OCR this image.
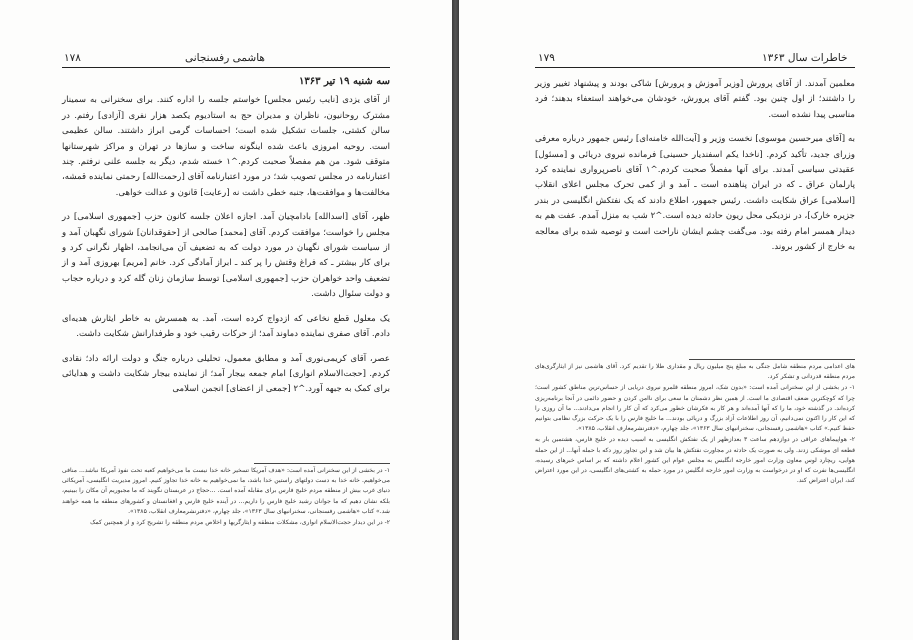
۱۷۸	هاشمی رفسنجانی
سه شنبه ۱۹ تیر ۱۳۶۳

از آقای یزدی [نایب رئیس مجلس] خواستم جلسه را اداره کنند. برای سخنرانی به سمینار مشترک روحانیون، ناظران و مدیران حج به استادیوم یکصد هزار نفری [آزادی] رفتم. در سالن کشتی، جلسات تشکیل شده است؛ احساسات گرمی ابراز داشتند. سالن عظیمی است. روحیه امروزی باعث شده اینگونه ساخت و سازها در تهران و مراکز شهرستانها متوقف شود. من هم مفصلاً صحبت کردم.^۱ خسته شدم، دیگر به جلسه علنی نرفتم. چند اعتبارنامه در مجلس تصویب شد؛ در مورد اعتبارنامه آقای [رحمت‌الله] رحمتی نماینده قمشه، مخالفت‌ها و موافقت‌ها، جنبه خطی داشت نه [رعایت] قانون و عدالت خواهی.

ظهر، آقای [اسدالله] بادامچیان آمد. اجازه اعلان جلسه کانون حزب [جمهوری اسلامی] در مجلس را خواست؛ موافقت کردم. آقای [محمد] صالحی از [حقوقدانان] شورای نگهبان آمد و از سیاست شورای نگهبان در مورد دولت که به تضعیف آن می‌انجامد، اظهار نگرانی کرد و برای کار بیشتر ـ که فراغ وقتش را پر کند ـ ابراز آمادگی کرد. خانم [مریم] بهروزی آمد و از تضعیف واحد خواهران حزب [جمهوری اسلامی] توسط سازمان زنان گله کرد و درباره حجاب و دولت سئوال داشت.

یک معلول قطع نخاعی که ازدواج کرده است، آمد. به همسرش به خاطر ایثارش هدیه‌ای دادم. آقای صفری نماینده دماوند آمد؛ از حرکات رقیب خود و طرفدارانش شکایت داشت.

عصر، آقای کریمی‌نوری آمد و مطابق معمول، تحلیلی درباره جنگ و دولت ارائه داد؛ نقادی کردم. [حجت‌الاسلام انواری] امام جمعه بیجار آمد؛ از نماینده بیجار شکایت داشت و هدایائی برای کمک به جبهه آورد.^۲ [جمعی از اعضای] انجمن اسلامی

۱- در بخشی از این سخنرانی آمده است: «هدف آمریکا تسخیر خانه خدا نیست ما می‌خواهیم کعبه تحت نفوذ آمریکا نباشد... منافی می‌خواهیم. خانه خدا به دست دولتهای راستین خدا باشد، ما نمی‌خواهیم به خانه خدا تجاوز کنیم. امروز مدیریت انگلیسی، آمریکائی دنیای غرب بیش از منطقه مردم خلیج فارس برای مقابله آمده است. ...حجاج در عربستان نگویند که ما مجبوریم آن مکان را ببینیم، بلکه نشان دهیم که ما جوانان رشید خلیج فارس را داریم... در آینده خلیج فارس و افغانستان و کشورهای منطقه ما همه خواهند شد.» کتاب «هاشمی رفسنجانی، سخنرانیهای سال ۱۳۶۳»، جلد چهارم، «دفترنشرمعارف انقلاب، ۱۳۸۵».

۲- در این دیدار حجت‌الاسلام انواری، مشکلات منطقه و ایثارگریها و اخلاص مردم منطقه را تشریح کرد و از همچنین کمک

۱۷۹	خاطرات سال ۱۳۶۳

معلمین آمدند. از آقای پرورش [وزیر آموزش و پرورش] شاکی بودند و پیشنهاد تغییر وزیر را داشتند؛ از اول چنین بود. گفتم آقای پرورش، خودشان می‌خواهند استعفاء بدهند؛ فرد مناسبی پیدا نشده است.

به [آقای میرحسین موسوی] نخست وزیر و [آیت‌الله خامنه‌ای] رئیس جمهور درباره معرفی وزرای جدید، تأکید کردم. [ناخدا یکم اسفندیار حسینی] فرمانده نیروی دریائی و [مسئول] عقیدتی سیاسی آمدند. برای آنها مفصلاً صحبت کردم.^۱ آقای ناصرپرواری نماینده کرد پارلمان عراق ـ که در ایران پناهنده است ـ آمد و از کمی تحرک مجلس اعلای انقلاب [اسلامی] عراق شکایت داشت. رئیس جمهور، اطلاع دادند که یک نفتکش انگلیسی در بندر جزیره خارک]، در نزدیکی محل ریون حادثه دیده است.^۲ شب به منزل آمدم. عفت هم به دیدار همسر امام رفته بود. می‌گفت چشم ایشان ناراحت است و توصیه شده برای معالجه به خارج از کشور بروند.

های اعدامی مردم منطقه شامل جنگی به مبلغ پنج میلیون ریال و مقداری طلا را تقدیم کرد. آقای هاشمی نیز از ایثارگری‌های مردم منطقه قدردانی و تشکر کرد.

۱- در بخشی از این سخنرانی آمده است: «بدون شک، امروز منطقه قلمرو نیروی دریایی از حساس‌ترین مناطق کشور است؛ چرا که کوچکترین ضعف اقتصادی ما است. از همین نظر دشمنان ما سعی برای ناامن کردن و حضور دائمی در آنجا برنامه‌ریزی کرده‌اند. در گذشته خود، ما را که آنها آمده‌اند و هر کار به فکرشان خطور می‌کرد که آن کار را انجام می‌دادند... ما آن روزی را که این کار را اکنون نمی‌دانیم، آن روز اطلاعات آزاد بزرگ و دریائی بودند... ما خلیج فارس را با یک حرکت بزرگ نظامی بتوانیم حفظ کنیم.» کتاب «هاشمی رفسنجانی، سخنرانیهای سال ۱۳۶۳»، جلد چهارم، «دفترنشرمعارف انقلاب، ۱۳۸۵».

۲- هواپیماهای عراقی در دوازدهم ساعت ۳ بعدازظهر از یک نفتکش انگلیسی به اسیب دیده در خلیج فارس، هشتمین بار به قطعه ای موشکی زدند. ولی به صورت یک حادثه در مجاورت نفتکش ها بیان شد و این تجاوز روز دکه با حمله آنها... از این حمله هوایی، ریچارد لوس معاون وزارت امور خارجه انگلیس به مجلس عوام این کشور اعلام داشته که بر اساس خبرهای رسیده، انگلیسی‌ها نفرت که او در درخواست به وزارت امور خارجه انگلیس در مورد حمله به کشتی‌های انگلیسی، در این مورد اعتراض کند، ایران اعتراض کند.
